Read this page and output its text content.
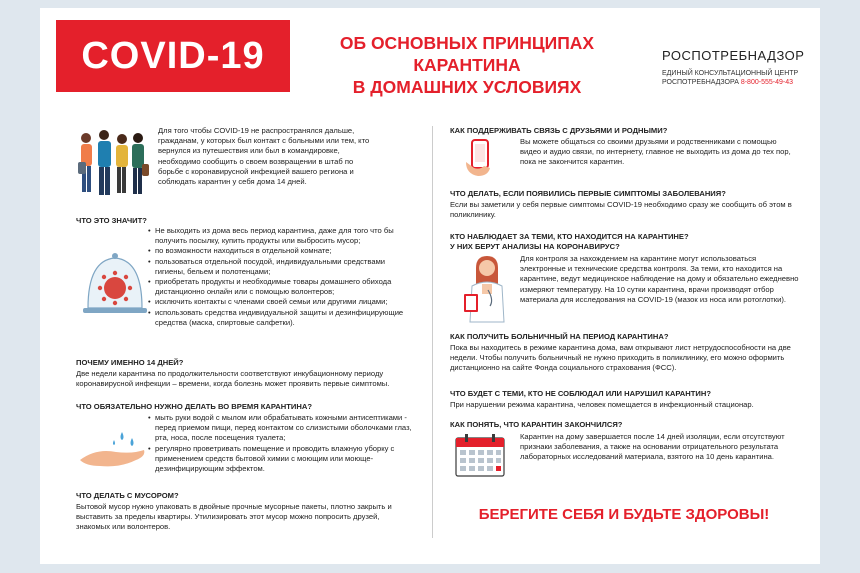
COVID-19	ОБ ОСНОВНЫХ ПРИНЦИПАХ КАРАНТИНА
В ДОМАШНИХ УСЛОВИЯХ
РОСПОТРЕБНАДЗОР
ЕДИНЫЙ КОНСУЛЬТАЦИОННЫЙ ЦЕНТР
РОСПОТРЕБНАДЗОРА 8-800-555-49-43
Для того чтобы COVID-19 не распространялся дальше, гражданам, у которых был контакт с больными или тем, кто вернулся из путешествия или был в командировке, необходимо сообщить о своем возвращении в штаб по борьбе с коронавирусной инфекцией вашего региона и соблюдать карантин у себя дома 14 дней.
ЧТО ЭТО ЗНАЧИТ?
• Не выходить из дома весь период карантина, даже для того что бы получить посылку, купить продукты или выбросить мусор;
• по возможности находиться в отдельной комнате;
• пользоваться отдельной посудой, индивидуальными средствами гигиены, бельем и полотенцами;
• приобретать продукты и необходимые товары домашнего обихода дистанционно онлайн или с помощью волонтеров;
• исключить контакты с членами своей семьи или другими лицами;
• использовать средства индивидуальной защиты и дезинфицирующие средства (маска, спиртовые салфетки).
ПОЧЕМУ ИМЕННО 14 ДНЕЙ?
Две недели карантина по продолжительности соответствуют инкубационному периоду коронавирусной инфекции – времени, когда болезнь может проявить первые симптомы.
ЧТО ОБЯЗАТЕЛЬНО НУЖНО ДЕЛАТЬ ВО ВРЕМЯ КАРАНТИНА?
• мыть руки водой с мылом или обрабатывать кожными антисептиками - перед приемом пищи, перед контактом со слизистыми оболочками глаз, рта, носа, после посещения туалета;
• регулярно проветривать помещение и проводить влажную уборку с применением средств бытовой химии с моющим или моюще-дезинфицирующим эффектом.
ЧТО ДЕЛАТЬ С МУСОРОМ?
Бытовой мусор нужно упаковать в двойные прочные мусорные пакеты, плотно закрыть и выставить за пределы квартиры. Утилизировать этот мусор можно попросить друзей, знакомых или волонтеров.
КАК ПОДДЕРЖИВАТЬ СВЯЗЬ С ДРУЗЬЯМИ И РОДНЫМИ?
Вы можете общаться со своими друзьями и родственниками с помощью видео и аудио связи, по интернету, главное не выходить из дома до тех пор, пока не закончится карантин.
ЧТО ДЕЛАТЬ, ЕСЛИ ПОЯВИЛИСЬ ПЕРВЫЕ СИМПТОМЫ ЗАБОЛЕВАНИЯ?
Если вы заметили у себя первые симптомы COVID-19 необходимо сразу же сообщить об этом в поликлинику.
КТО НАБЛЮДАЕТ ЗА ТЕМИ, КТО НАХОДИТСЯ НА КАРАНТИНЕ?
У НИХ БЕРУТ АНАЛИЗЫ НА КОРОНАВИРУС?
Для контроля за нахождением на карантине могут использоваться электронные и технические средства контроля. За теми, кто находится на карантине, ведут медицинское наблюдение на дому и обязательно ежедневно измеряют температуру. На 10 сутки карантина, врачи производят отбор материала для исследования на COVID-19 (мазок из носа или ротоглотки).
КАК ПОЛУЧИТЬ БОЛЬНИЧНЫЙ НА ПЕРИОД КАРАНТИНА?
Пока вы находитесь в режиме карантина дома, вам открывают лист нетрудоспособности на две недели. Чтобы получить больничный не нужно приходить в поликлинику, его можно оформить дистанционно на сайте Фонда социального страхования (ФСС).
ЧТО БУДЕТ С ТЕМИ, КТО НЕ СОБЛЮДАЛ ИЛИ НАРУШИЛ КАРАНТИН?
При нарушении режима карантина, человек помещается в инфекционный стационар.
КАК ПОНЯТЬ, ЧТО КАРАНТИН ЗАКОНЧИЛСЯ?
Карантин на дому завершается после 14 дней изоляции, если отсутствуют признаки заболевания, а также на основании отрицательного результата лабораторных исследований материала, взятого на 10 день карантина.
БЕРЕГИТЕ СЕБЯ И БУДЬТЕ ЗДОРОВЫ!
